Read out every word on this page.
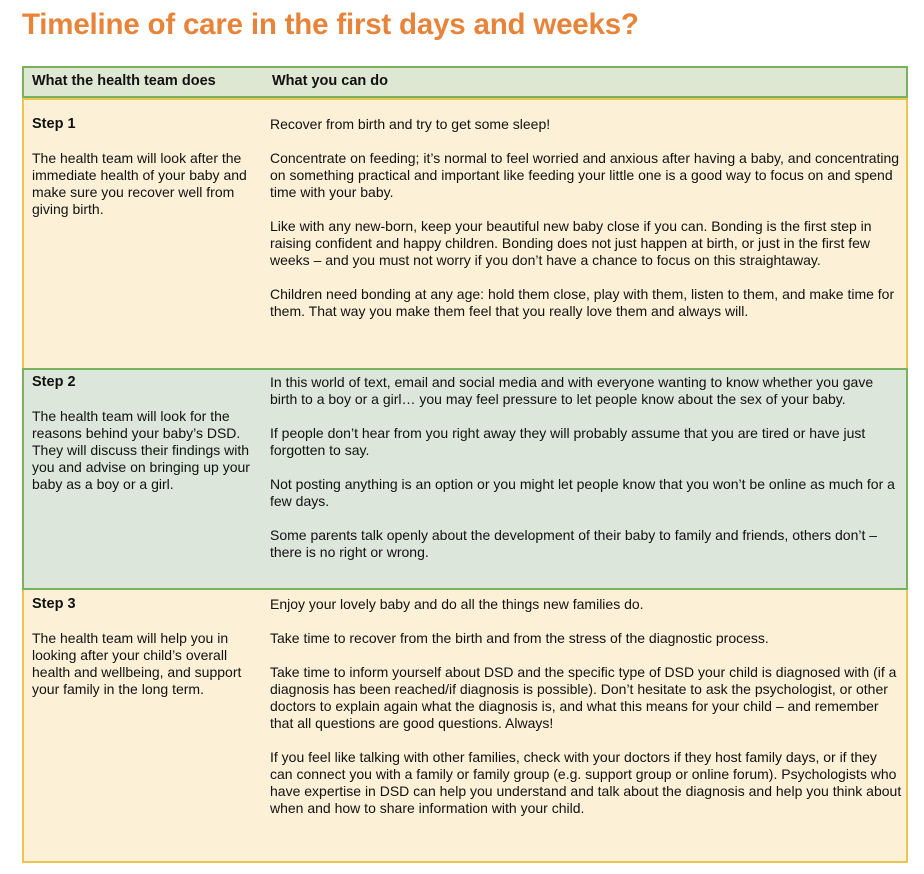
Timeline of care in the first days and weeks?
What the health team does	What you can do
Step 1
The health team will look after the immediate health of your baby and make sure you recover well from giving birth.

Recover from birth and try to get some sleep!

Concentrate on feeding; it’s normal to feel worried and anxious after having a baby, and concentrating on something practical and important like feeding your little one is a good way to focus on and spend time with your baby.

Like with any new-born, keep your beautiful new baby close if you can. Bonding is the first step in raising confident and happy children. Bonding does not just happen at birth, or just in the first few weeks – and you must not worry if you don’t have a chance to focus on this straightaway.

Children need bonding at any age: hold them close, play with them, listen to them, and make time for them. That way you make them feel that you really love them and always will.

Step 3
The health team will help you in looking after your child’s overall health and wellbeing, and support your family in the long term.

Enjoy your lovely baby and do all the things new families do.

Take time to recover from the birth and from the stress of the diagnostic process.

Take time to inform yourself about DSD and the specific type of DSD your child is diagnosed with (if a diagnosis has been reached/if diagnosis is possible). Don’t hesitate to ask the psychologist, or other doctors to explain again what the diagnosis is, and what this means for your child – and remember that all questions are good questions. Always!

If you feel like talking with other families, check with your doctors if they host family days, or if they can connect you with a family or family group (e.g. support group or online forum). Psychologists who have expertise in DSD can help you understand and talk about the diagnosis and help you think about when and how to share information with your child.

Step 2
The health team will look for the reasons behind your baby’s DSD. They will discuss their findings with you and advise on bringing up your baby as a boy or a girl.

In this world of text, email and social media and with everyone wanting to know whether you gave birth to a boy or a girl… you may feel pressure to let people know about the sex of your baby.

If people don’t hear from you right away they will probably assume that you are tired or have just forgotten to say.

Not posting anything is an option or you might let people know that you won’t be online as much for a few days.

Some parents talk openly about the development of their baby to family and friends, others don’t – there is no right or wrong.
